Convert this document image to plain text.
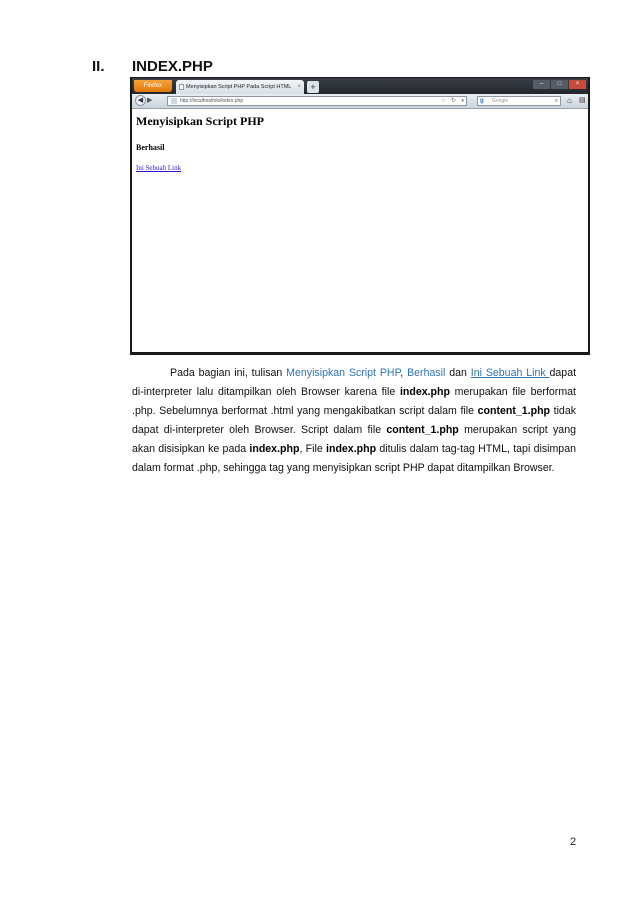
II. INDEX.PHP
Firefox	Menyisipkan Script PHP Pada Script HTML ×	+	–	□	×
◀ ▶	http://localhost/ols/index.php	☆ ↻ ▾	g Google	⌕ ⌂	▤
Menyisipkan Script PHP
Berhasil
Ini Sebuah Link
Pada bagian ini, tulisan Menyisipkan Script PHP, Berhasil dan Ini Sebuah Link dapat di-interpreter lalu ditampilkan oleh Browser karena file index.php merupakan file berformat .php. Sebelumnya berformat .html yang mengakibatkan script dalam file content_1.php tidak dapat di-interpreter oleh Browser. Script dalam file content_1.php merupakan script yang akan disisipkan ke pada index.php, File index.php ditulis dalam tag-tag HTML, tapi disimpan dalam format .php, sehingga tag yang menyisipkan script PHP dapat ditampilkan Browser.
2
